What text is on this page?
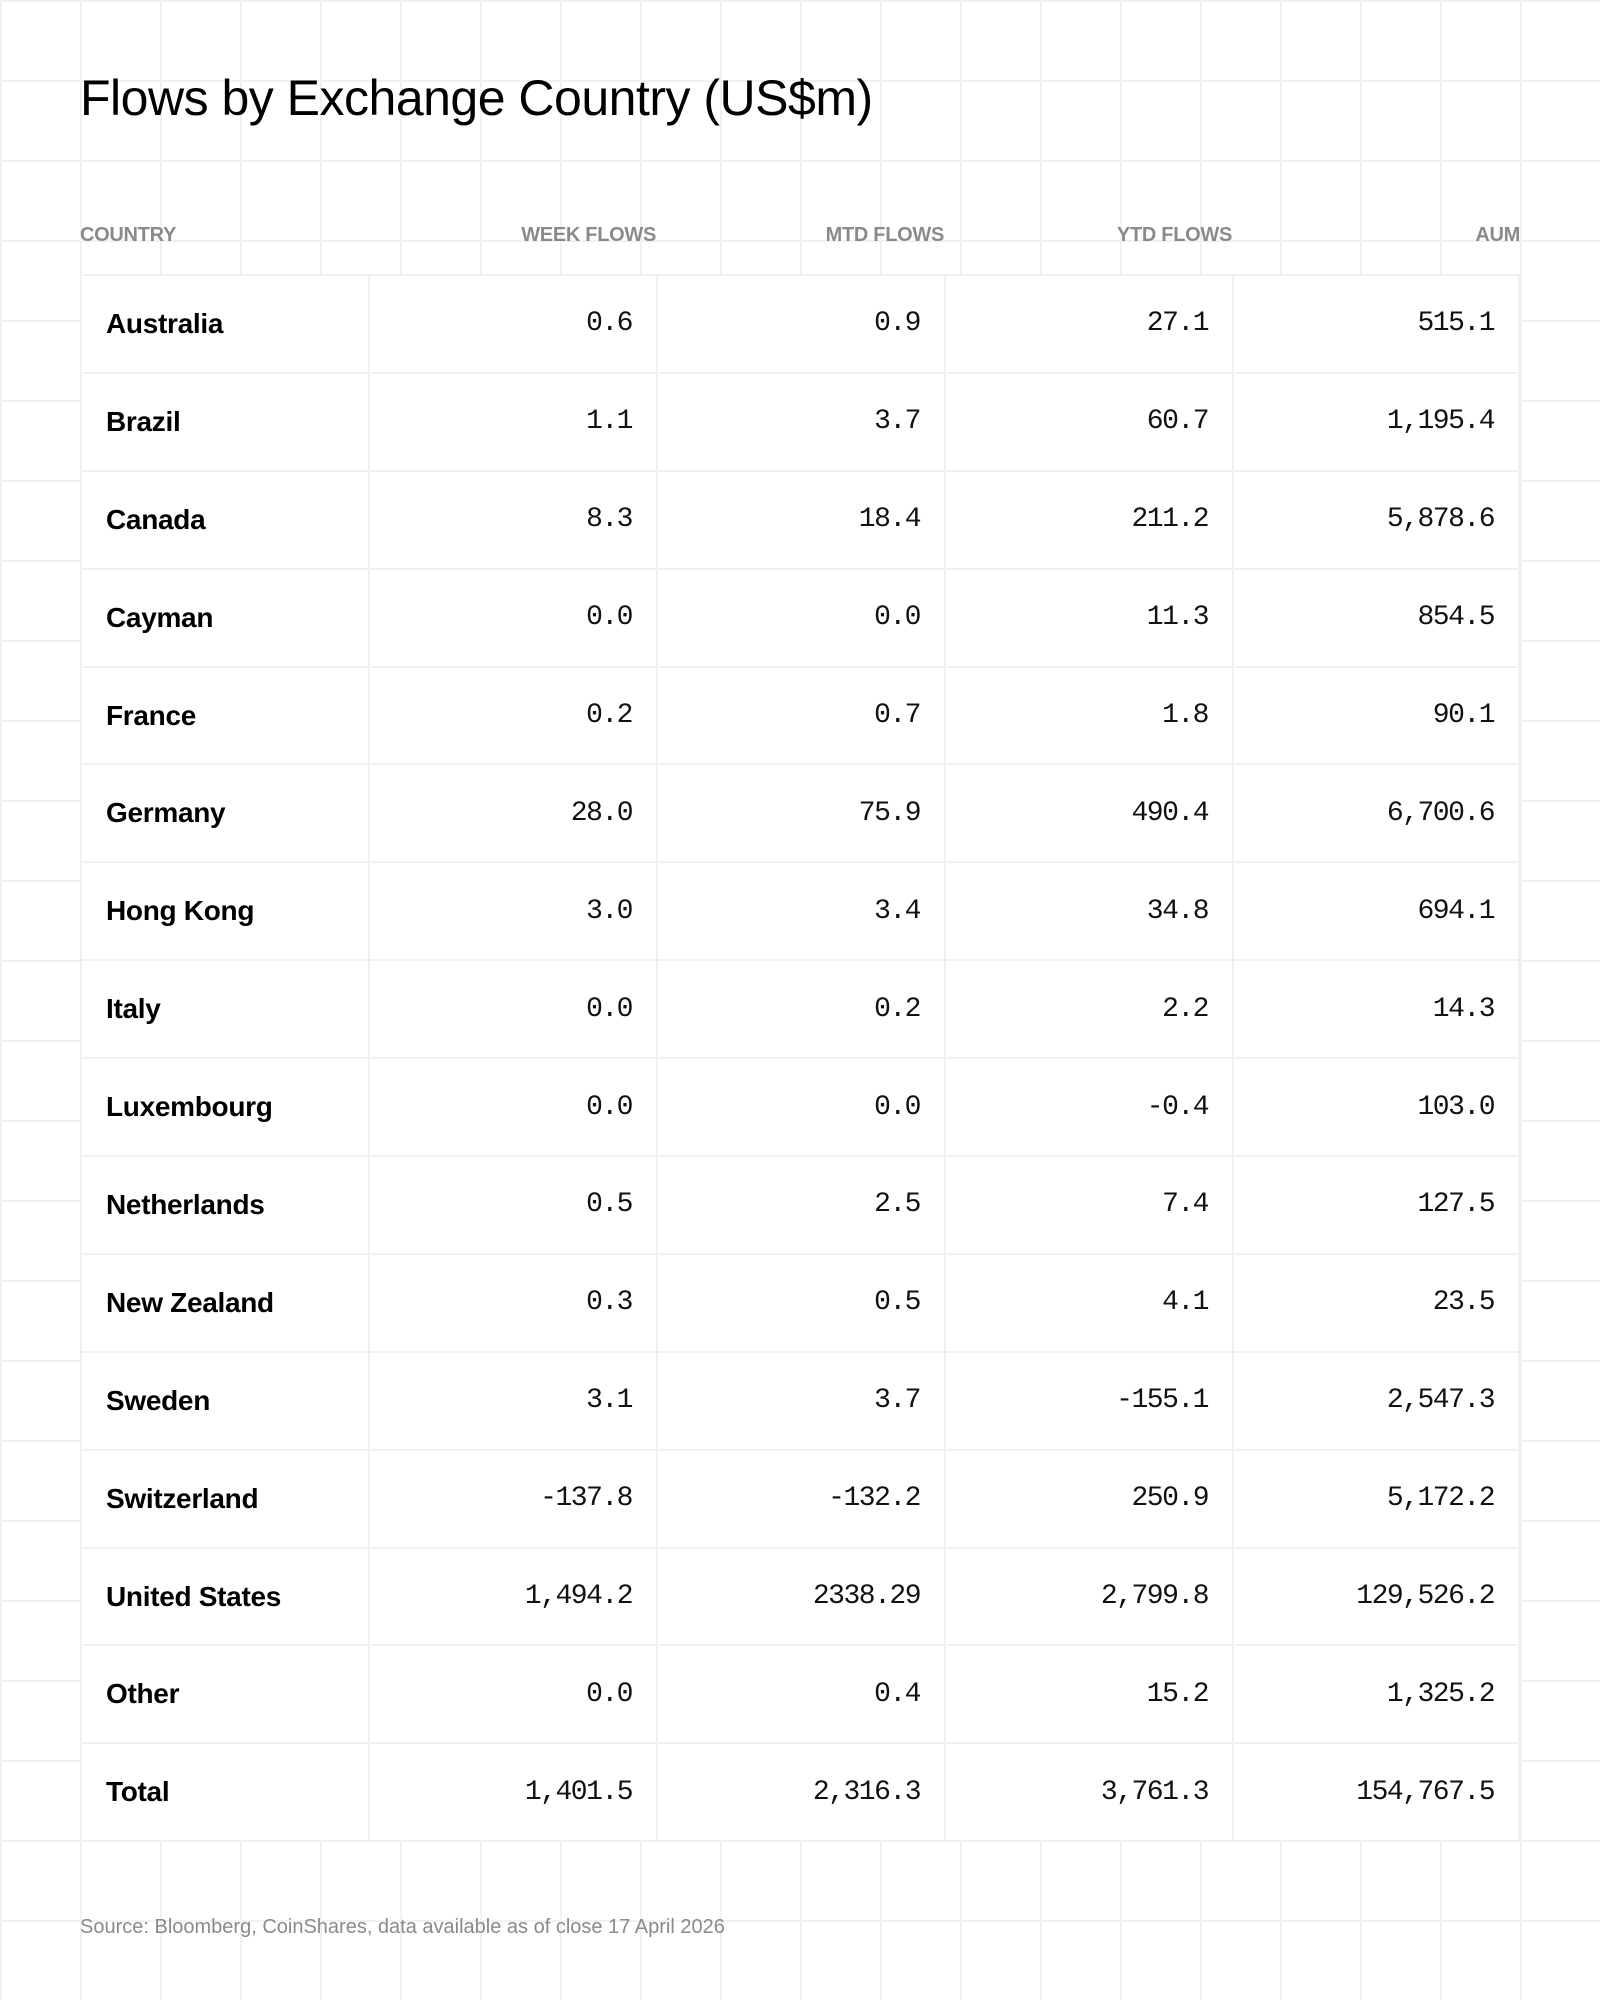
Flows by Exchange Country (US$m)
COUNTRY	WEEK FLOWS	MTD FLOWS	YTD FLOWS	AUM
Australia	0.6	0.9	27.1	515.1
Brazil	1.1	3.7	60.7	1,195.4
Canada	8.3	18.4	211.2	5,878.6
Cayman	0.0	0.0	11.3	854.5
France	0.2	0.7	1.8	90.1
Germany	28.0	75.9	490.4	6,700.6
Hong Kong	3.0	3.4	34.8	694.1
Italy	0.0	0.2	2.2	14.3
Luxembourg	0.0	0.0	-0.4	103.0
Netherlands	0.5	2.5	7.4	127.5
New Zealand	0.3	0.5	4.1	23.5
Sweden	3.1	3.7	-155.1	2,547.3
Switzerland	-137.8	-132.2	250.9	5,172.2
United States	1,494.2	2338.29	2,799.8	129,526.2
Other	0.0	0.4	15.2	1,325.2
Total	1,401.5	2,316.3	3,761.3	154,767.5
Source: Bloomberg, CoinShares, data available as of close 17 April 2026
